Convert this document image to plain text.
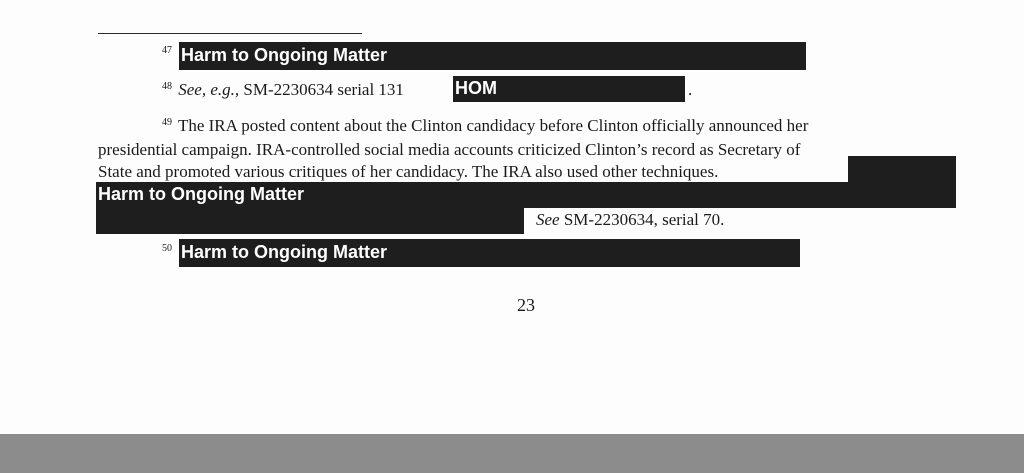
$^{47}$ Harm to Ongoing Matter
$^{48}$ See, e.g., SM-2230634 serial 131	HOM	.
$^{49}$ The IRA posted content about the Clinton candidacy before Clinton officially announced her
presidential campaign. IRA-controlled social media accounts criticized Clinton’s record as Secretary of
State and promoted various critiques of her candidacy. The IRA also used other techniques.
Harm to Ongoing Matter
See SM-2230634, serial 70.
$^{50}$ Harm to Ongoing Matter
23
